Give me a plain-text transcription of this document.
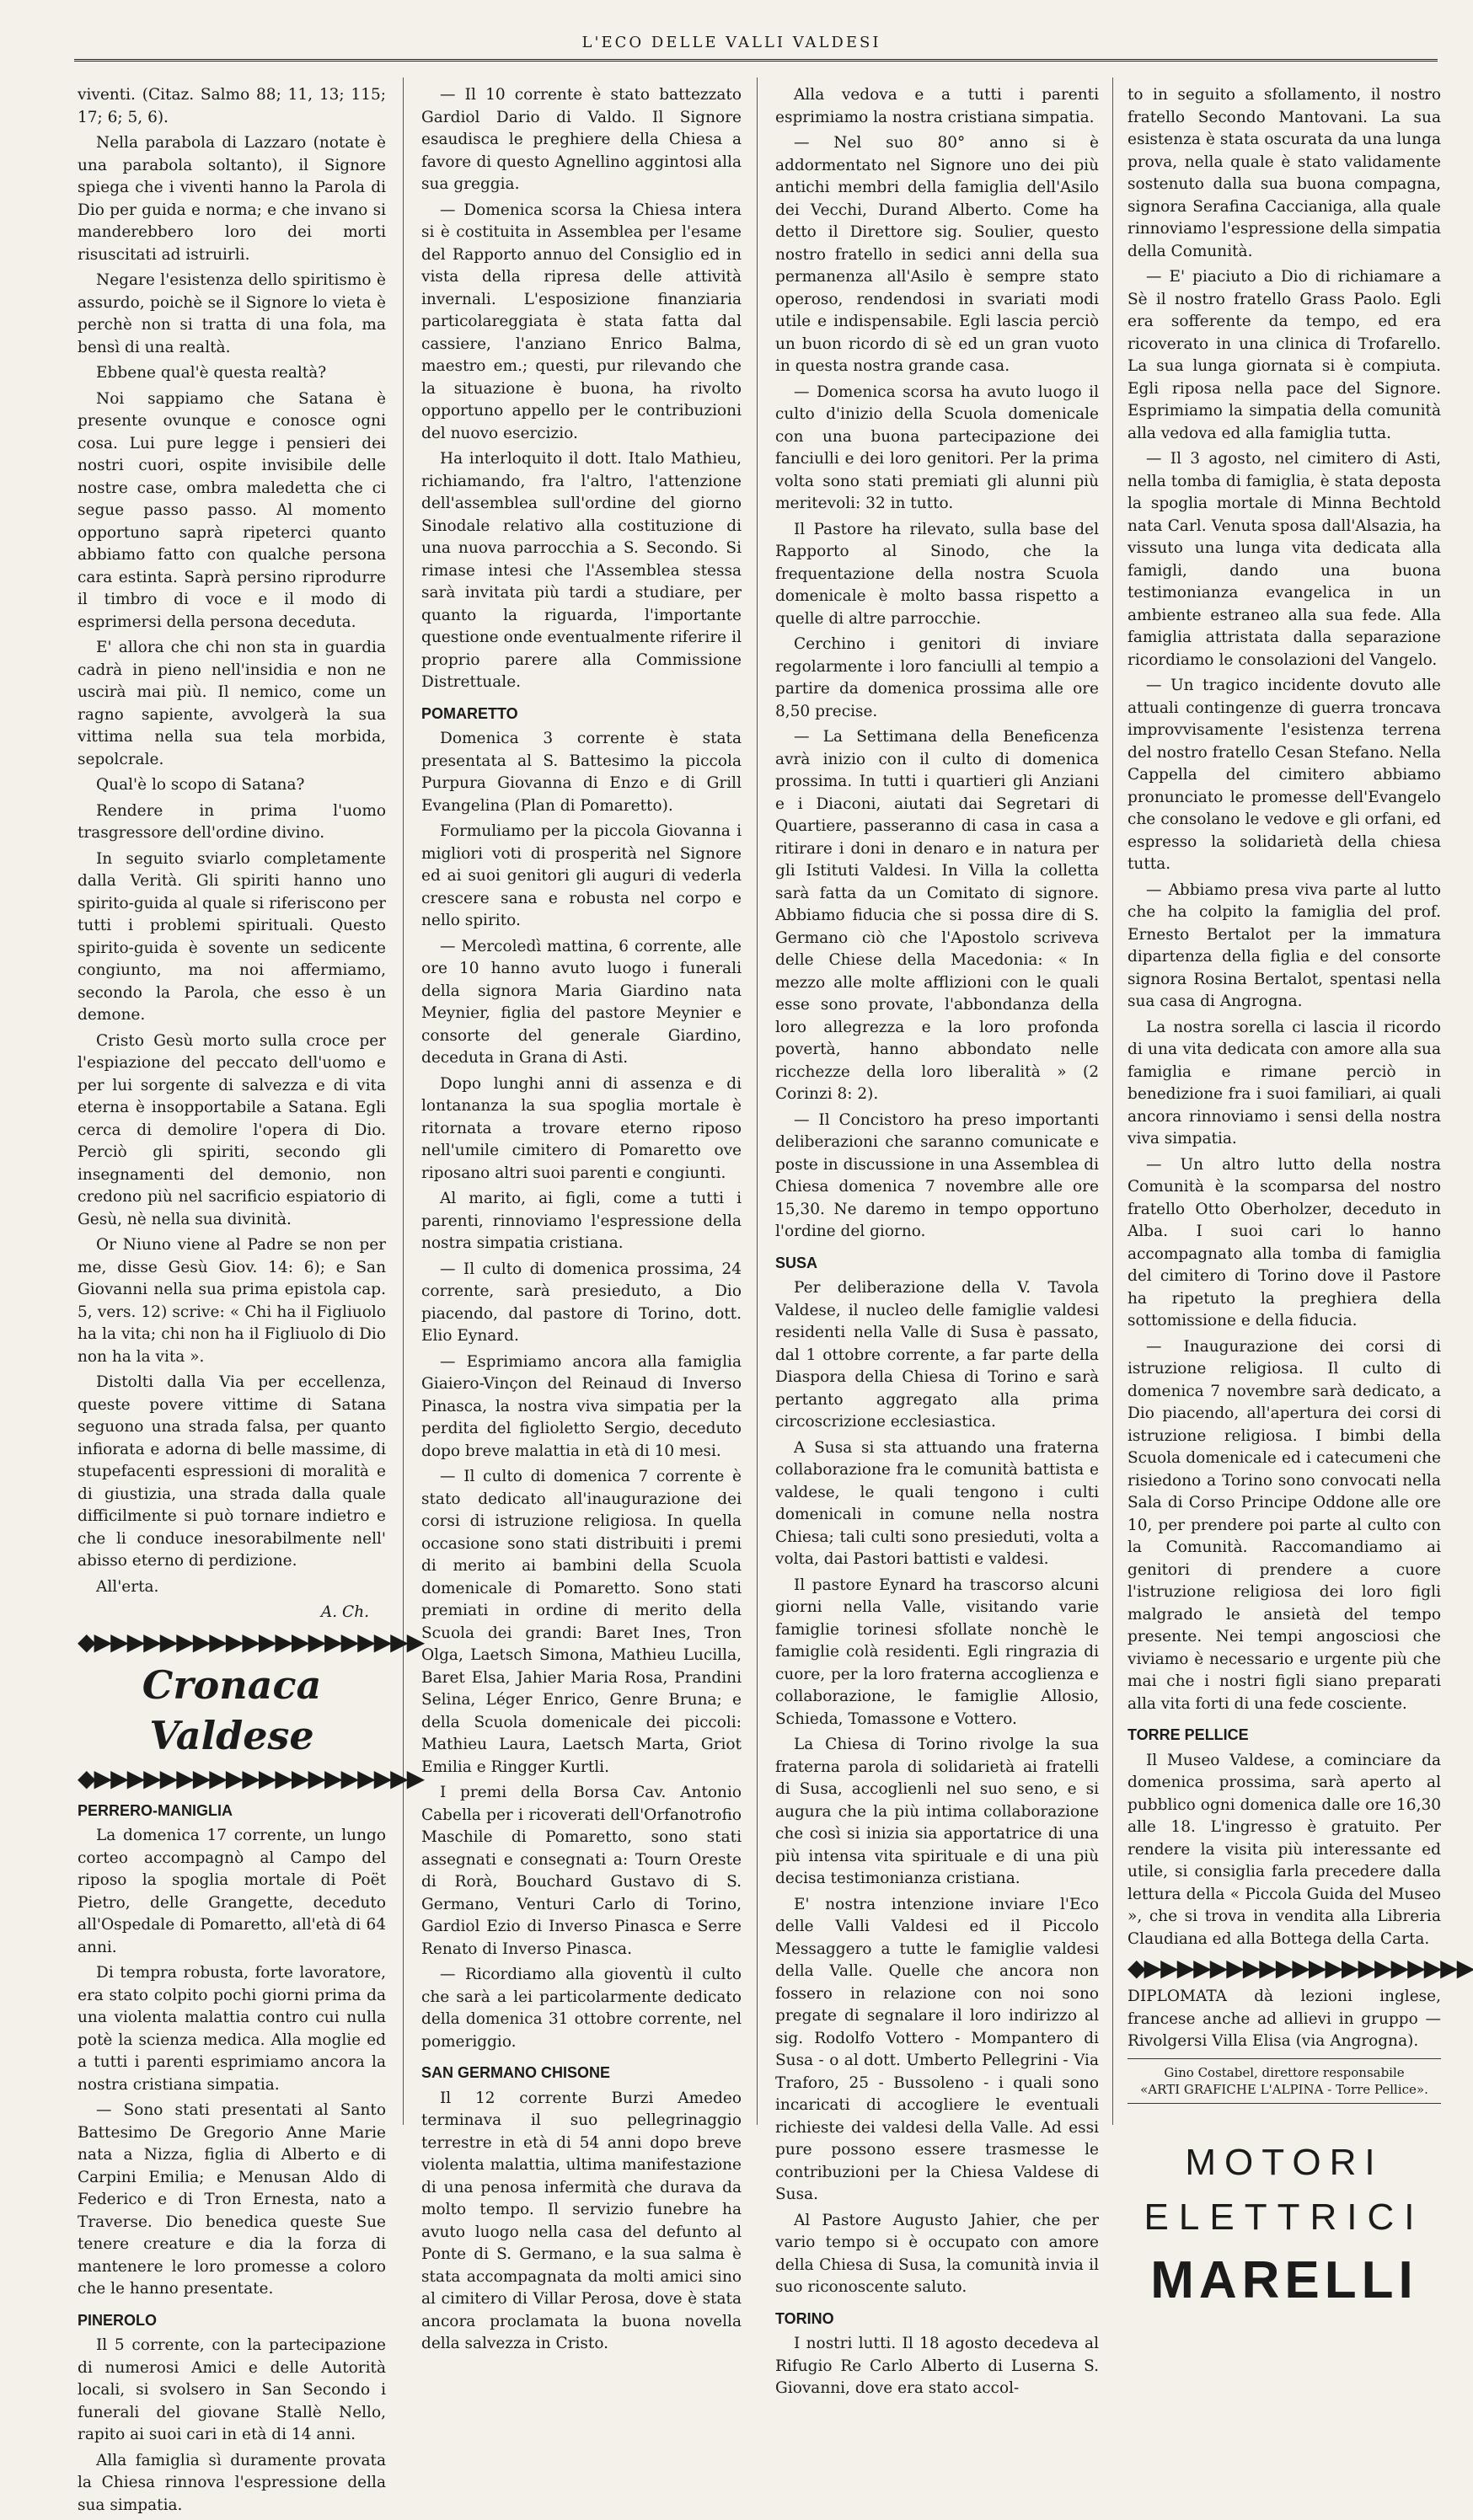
L'ECO DELLE VALLI VALDESI

viventi. (Citaz. Salmo 88; 11, 13; 115; 17; 6; 5, 6).

Nella parabola di Lazzaro (notate è una parabola soltanto), il Signore spiega che i viventi hanno la Parola di Dio per guida e norma; e che invano si manderebbero loro dei morti risuscitati ad istruirli.

Negare l'esistenza dello spiritismo è assurdo, poichè se il Signore lo vieta è perchè non si tratta di una fola, ma bensì di una realtà.

Ebbene qual'è questa realtà?

Noi sappiamo che Satana è presente ovunque e conosce ogni cosa. Lui pure legge i pensieri dei nostri cuori, ospite invisibile delle nostre case, ombra maledetta che ci segue passo passo. Al momento opportuno saprà ripeterci quanto abbiamo fatto con qualche persona cara estinta. Saprà persino riprodurre il timbro di voce e il modo di esprimersi della persona deceduta.

E' allora che chi non sta in guardia cadrà in pieno nell'insidia e non ne uscirà mai più. Il nemico, come un ragno sapiente, avvolgerà la sua vittima nella sua tela morbida, sepolcrale.

Qual'è lo scopo di Satana?

Rendere in prima l'uomo trasgressore dell'ordine divino.

In seguito sviarlo completamente dalla Verità. Gli spiriti hanno uno spirito-guida al quale si riferiscono per tutti i problemi spirituali. Questo spirito-guida è sovente un sedicente congiunto, ma noi affermiamo, secondo la Parola, che esso è un demone.

Cristo Gesù morto sulla croce per l'espiazione del peccato dell'uomo e per lui sorgente di salvezza e di vita eterna è insopportabile a Satana. Egli cerca di demolire l'opera di Dio. Perciò gli spiriti, secondo gli insegnamenti del demonio, non credono più nel sacrificio espiatorio di Gesù, nè nella sua divinità.

Or Niuno viene al Padre se non per me, disse Gesù Giov. 14: 6); e San Giovanni nella sua prima epistola cap. 5, vers. 12) scrive: « Chi ha il Figliuolo ha la vita; chi non ha il Figliuolo di Dio non ha la vita ».

Distolti dalla Via per eccellenza, queste povere vittime di Satana seguono una strada falsa, per quanto infiorata e adorna di belle massime, di stupefacenti espressioni di moralità e di giustizia, una strada dalla quale difficilmente si può tornare indietro e che li conduce inesorabilmente nell' abisso eterno di perdizione.

All'erta.

A. Ch.

◆▶▶▶▶▶▶▶▶▶▶▶▶▶▶▶▶▶▶▶▶
Cronaca Valdese
◆▶▶▶▶▶▶▶▶▶▶▶▶▶▶▶▶▶▶▶▶
PERRERO-MANIGLIA

La domenica 17 corrente, un lungo corteo accompagnò al Campo del riposo la spoglia mortale di Poët Pietro, delle Grangette, deceduto all'Ospedale di Pomaretto, all'età di 64 anni.

Di tempra robusta, forte lavoratore, era stato colpito pochi giorni prima da una violenta malattia contro cui nulla potè la scienza medica. Alla moglie ed a tutti i parenti esprimiamo ancora la nostra cristiana simpatia.

— Sono stati presentati al Santo Battesimo De Gregorio Anne Marie nata a Nizza, figlia di Alberto e di Carpini Emilia; e Menusan Aldo di Federico e di Tron Ernesta, nato a Traverse. Dio benedica queste Sue tenere creature e dia la forza di mantenere le loro promesse a coloro che le hanno presentate.

PINEROLO

Il 5 corrente, con la partecipazione di numerosi Amici e delle Autorità locali, si svolsero in San Secondo i funerali del giovane Stallè Nello, rapito ai suoi cari in età di 14 anni.

Alla famiglia sì duramente provata la Chiesa rinnova l'espressione della sua simpatia.

— Il 10 corrente è stato battezzato Gardiol Dario di Valdo. Il Signore esaudisca le preghiere della Chiesa a favore di questo Agnellino aggintosi alla sua greggia.

— Domenica scorsa la Chiesa intera si è costituita in Assemblea per l'esame del Rapporto annuo del Consiglio ed in vista della ripresa delle attività invernali. L'esposizione finanziaria particolareggiata è stata fatta dal cassiere, l'anziano Enrico Balma, maestro em.; questi, pur rilevando che la situazione è buona, ha rivolto opportuno appello per le contribuzioni del nuovo esercizio.

Ha interloquito il dott. Italo Mathieu, richiamando, fra l'altro, l'attenzione dell'assemblea sull'ordine del giorno Sinodale relativo alla costituzione di una nuova parrocchia a S. Secondo. Si rimase intesi che l'Assemblea stessa sarà invitata più tardi a studiare, per quanto la riguarda, l'importante questione onde eventualmente riferire il proprio parere alla Commissione Distrettuale.

POMARETTO

Domenica 3 corrente è stata presentata al S. Battesimo la piccola Purpura Giovanna di Enzo e di Grill Evangelina (Plan di Pomaretto).

Formuliamo per la piccola Giovanna i migliori voti di prosperità nel Signore ed ai suoi genitori gli auguri di vederla crescere sana e robusta nel corpo e nello spirito.

— Mercoledì mattina, 6 corrente, alle ore 10 hanno avuto luogo i funerali della signora Maria Giardino nata Meynier, figlia del pastore Meynier e consorte del generale Giardino, deceduta in Grana di Asti.

Dopo lunghi anni di assenza e di lontananza la sua spoglia mortale è ritornata a trovare eterno riposo nell'umile cimitero di Pomaretto ove riposano altri suoi parenti e congiunti.

Al marito, ai figli, come a tutti i parenti, rinnoviamo l'espressione della nostra simpatia cristiana.

— Il culto di domenica prossima, 24 corrente, sarà presieduto, a Dio piacendo, dal pastore di Torino, dott. Elio Eynard.

— Esprimiamo ancora alla famiglia Giaiero-Vinçon del Reinaud di Inverso Pinasca, la nostra viva simpatia per la perdita del figlioletto Sergio, deceduto dopo breve malattia in età di 10 mesi.

— Il culto di domenica 7 corrente è stato dedicato all'inaugurazione dei corsi di istruzione religiosa. In quella occasione sono stati distribuiti i premi di merito ai bambini della Scuola domenicale di Pomaretto. Sono stati premiati in ordine di merito della Scuola dei grandi: Baret Ines, Tron Olga, Laetsch Simona, Mathieu Lucilla, Baret Elsa, Jahier Maria Rosa, Prandini Selina, Léger Enrico, Genre Bruna; e della Scuola domenicale dei piccoli: Mathieu Laura, Laetsch Marta, Griot Emilia e Ringger Kurtli.

I premi della Borsa Cav. Antonio Cabella per i ricoverati dell'Orfanotrofio Maschile di Pomaretto, sono stati assegnati e consegnati a: Tourn Oreste di Rorà, Bouchard Gustavo di S. Germano, Venturi Carlo di Torino, Gardiol Ezio di Inverso Pinasca e Serre Renato di Inverso Pinasca.

— Ricordiamo alla gioventù il culto che sarà a lei particolarmente dedicato della domenica 31 ottobre corrente, nel pomeriggio.

SAN GERMANO CHISONE

Il 12 corrente Burzi Amedeo terminava il suo pellegrinaggio terrestre in età di 54 anni dopo breve violenta malattia, ultima manifestazione di una penosa infermità che durava da molto tempo. Il servizio funebre ha avuto luogo nella casa del defunto al Ponte di S. Germano, e la sua salma è stata accompagnata da molti amici sino al cimitero di Villar Perosa, dove è stata ancora proclamata la buona novella della salvezza in Cristo.

Alla vedova e a tutti i parenti esprimiamo la nostra cristiana simpatia.

— Nel suo 80° anno si è addormentato nel Signore uno dei più antichi membri della famiglia dell'Asilo dei Vecchi, Durand Alberto. Come ha detto il Direttore sig. Soulier, questo nostro fratello in sedici anni della sua permanenza all'Asilo è sempre stato operoso, rendendosi in svariati modi utile e indispensabile. Egli lascia perciò un buon ricordo di sè ed un gran vuoto in questa nostra grande casa.

— Domenica scorsa ha avuto luogo il culto d'inizio della Scuola domenicale con una buona partecipazione dei fanciulli e dei loro genitori. Per la prima volta sono stati premiati gli alunni più meritevoli: 32 in tutto.

Il Pastore ha rilevato, sulla base del Rapporto al Sinodo, che la frequentazione della nostra Scuola domenicale è molto bassa rispetto a quelle di altre parrocchie.

Cerchino i genitori di inviare regolarmente i loro fanciulli al tempio a partire da domenica prossima alle ore 8,50 precise.

— La Settimana della Beneficenza avrà inizio con il culto di domenica prossima. In tutti i quartieri gli Anziani e i Diaconi, aiutati dai Segretari di Quartiere, passeranno di casa in casa a ritirare i doni in denaro e in natura per gli Istituti Valdesi. In Villa la colletta sarà fatta da un Comitato di signore. Abbiamo fiducia che si possa dire di S. Germano ciò che l'Apostolo scriveva delle Chiese della Macedonia: « In mezzo alle molte afflizioni con le quali esse sono provate, l'abbondanza della loro allegrezza e la loro profonda povertà, hanno abbondato nelle ricchezze della loro liberalità » (2 Corinzi 8: 2).

— Il Concistoro ha preso importanti deliberazioni che saranno comunicate e poste in discussione in una Assemblea di Chiesa domenica 7 novembre alle ore 15,30. Ne daremo in tempo opportuno l'ordine del giorno.

SUSA

Per deliberazione della V. Tavola Valdese, il nucleo delle famiglie valdesi residenti nella Valle di Susa è passato, dal 1 ottobre corrente, a far parte della Diaspora della Chiesa di Torino e sarà pertanto aggregato alla prima circoscrizione ecclesiastica.

A Susa si sta attuando una fraterna collaborazione fra le comunità battista e valdese, le quali tengono i culti domenicali in comune nella nostra Chiesa; tali culti sono presieduti, volta a volta, dai Pastori battisti e valdesi.

Il pastore Eynard ha trascorso alcuni giorni nella Valle, visitando varie famiglie torinesi sfollate nonchè le famiglie colà residenti. Egli ringrazia di cuore, per la loro fraterna accoglienza e collaborazione, le famiglie Allosio, Schieda, Tomassone e Vottero.

La Chiesa di Torino rivolge la sua fraterna parola di solidarietà ai fratelli di Susa, accoglienli nel suo seno, e si augura che la più intima collaborazione che così si inizia sia apportatrice di una più intensa vita spirituale e di una più decisa testimonianza cristiana.

E' nostra intenzione inviare l'Eco delle Valli Valdesi ed il Piccolo Messaggero a tutte le famiglie valdesi della Valle. Quelle che ancora non fossero in relazione con noi sono pregate di segnalare il loro indirizzo al sig. Rodolfo Vottero - Mompantero di Susa - o al dott. Umberto Pellegrini - Via Traforo, 25 - Bussoleno - i quali sono incaricati di accogliere le eventuali richieste dei valdesi della Valle. Ad essi pure possono essere trasmesse le contribuzioni per la Chiesa Valdese di Susa.

Al Pastore Augusto Jahier, che per vario tempo si è occupato con amore della Chiesa di Susa, la comunità invia il suo riconoscente saluto.

TORINO

I nostri lutti. Il 18 agosto decedeva al Rifugio Re Carlo Alberto di Luserna S. Giovanni, dove era stato accol-

to in seguito a sfollamento, il nostro fratello Secondo Mantovani. La sua esistenza è stata oscurata da una lunga prova, nella quale è stato validamente sostenuto dalla sua buona compagna, signora Serafina Caccianiga, alla quale rinnoviamo l'espressione della simpatia della Comunità.

— E' piaciuto a Dio di richiamare a Sè il nostro fratello Grass Paolo. Egli era sofferente da tempo, ed era ricoverato in una clinica di Trofarello. La sua lunga giornata si è compiuta. Egli riposa nella pace del Signore. Esprimiamo la simpatia della comunità alla vedova ed alla famiglia tutta.

— Il 3 agosto, nel cimitero di Asti, nella tomba di famiglia, è stata deposta la spoglia mortale di Minna Bechtold nata Carl. Venuta sposa dall'Alsazia, ha vissuto una lunga vita dedicata alla famigli, dando una buona testimonianza evangelica in un ambiente estraneo alla sua fede. Alla famiglia attristata dalla separazione ricordiamo le consolazioni del Vangelo.

— Un tragico incidente dovuto alle attuali contingenze di guerra troncava improvvisamente l'esistenza terrena del nostro fratello Cesan Stefano. Nella Cappella del cimitero abbiamo pronunciato le promesse dell'Evangelo che consolano le vedove e gli orfani, ed espresso la solidarietà della chiesa tutta.

— Abbiamo presa viva parte al lutto che ha colpito la famiglia del prof. Ernesto Bertalot per la immatura dipartenza della figlia e del consorte signora Rosina Bertalot, spentasi nella sua casa di Angrogna.

La nostra sorella ci lascia il ricordo di una vita dedicata con amore alla sua famiglia e rimane perciò in benedizione fra i suoi familiari, ai quali ancora rinnoviamo i sensi della nostra viva simpatia.

— Un altro lutto della nostra Comunità è la scomparsa del nostro fratello Otto Oberholzer, deceduto in Alba. I suoi cari lo hanno accompagnato alla tomba di famiglia del cimitero di Torino dove il Pastore ha ripetuto la preghiera della sottomissione e della fiducia.

— Inaugurazione dei corsi di istruzione religiosa. Il culto di domenica 7 novembre sarà dedicato, a Dio piacendo, all'apertura dei corsi di istruzione religiosa. I bimbi della Scuola domenicale ed i catecumeni che risiedono a Torino sono convocati nella Sala di Corso Principe Oddone alle ore 10, per prendere poi parte al culto con la Comunità. Raccomandiamo ai genitori di prendere a cuore l'istruzione religiosa dei loro figli malgrado le ansietà del tempo presente. Nei tempi angosciosi che viviamo è necessario e urgente più che mai che i nostri figli siano preparati alla vita forti di una fede cosciente.

TORRE PELLICE

Il Museo Valdese, a cominciare da domenica prossima, sarà aperto al pubblico ogni domenica dalle ore 16,30 alle 18. L'ingresso è gratuito. Per rendere la visita più interessante ed utile, si consiglia farla precedere dalla lettura della « Piccola Guida del Museo », che si trova in vendita alla Libreria Claudiana ed alla Bottega della Carta.

◆▶▶▶▶▶▶▶▶▶▶▶▶▶▶▶▶▶▶▶▶

DIPLOMATA dà lezioni inglese, francese anche ad allievi in gruppo — Rivolgersi Villa Elisa (via Angrogna).

Gino Costabel, direttore responsabile
«ARTI GRAFICHE L'ALPINA - Torre Pellice».
MOTORI
ELETTRICI
MARELLI
